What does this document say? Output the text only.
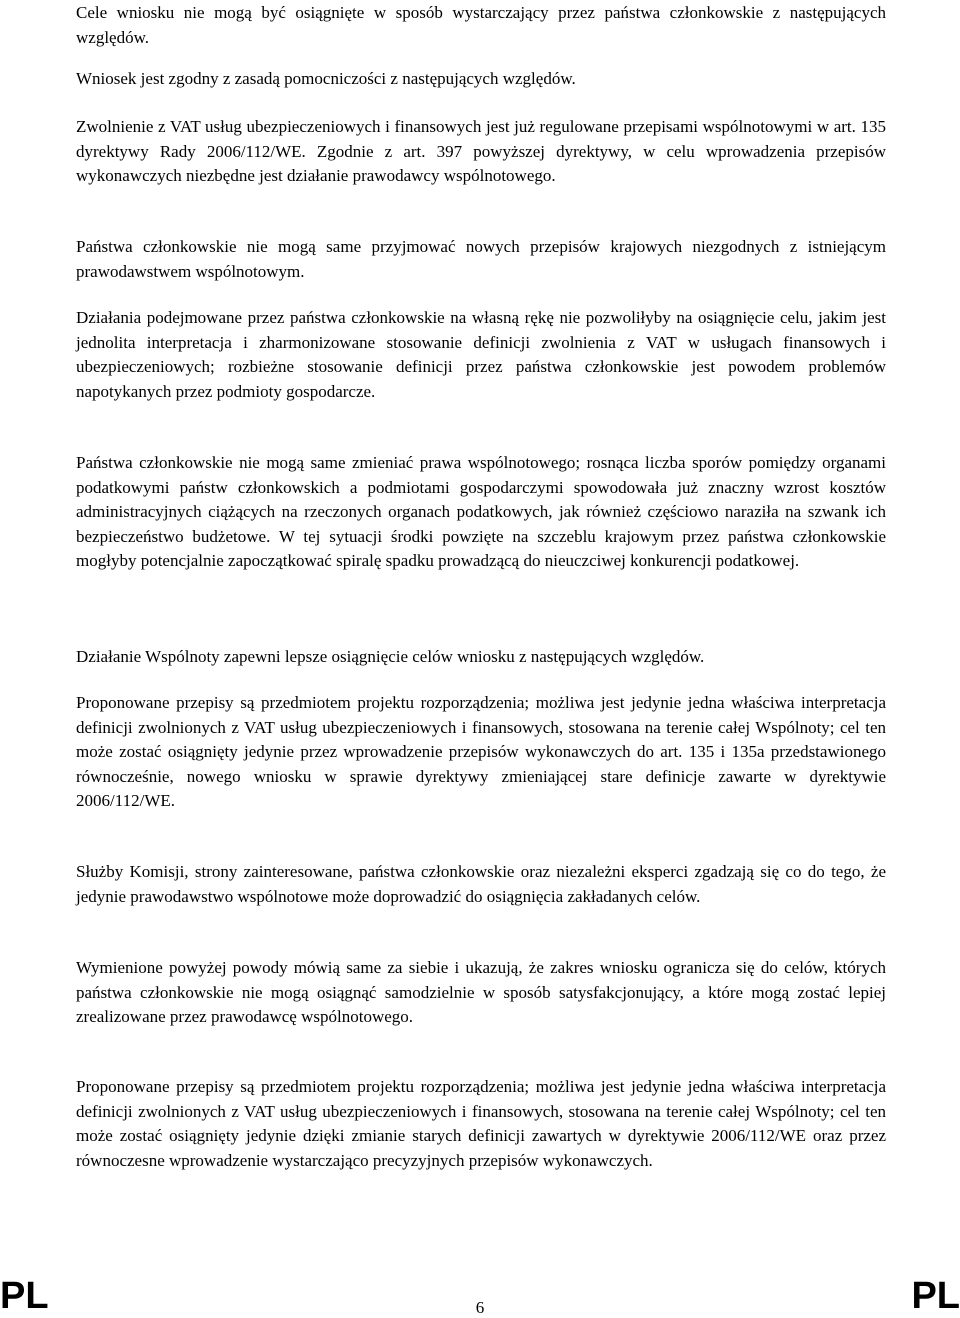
Cele wniosku nie mogą być osiągnięte w sposób wystarczający przez państwa członkowskie z następujących względów.

Wniosek jest zgodny z zasadą pomocniczości z następujących względów.

Zwolnienie z VAT usług ubezpieczeniowych i finansowych jest już regulowane przepisami wspólnotowymi w art. 135 dyrektywy Rady 2006/112/WE. Zgodnie z art. 397 powyższej dyrektywy, w celu wprowadzenia przepisów wykonawczych niezbędne jest działanie prawodawcy wspólnotowego.

Państwa członkowskie nie mogą same przyjmować nowych przepisów krajowych niezgodnych z istniejącym prawodawstwem wspólnotowym.

Działania podejmowane przez państwa członkowskie na własną rękę nie pozwoliłyby na osiągnięcie celu, jakim jest jednolita interpretacja i zharmonizowane stosowanie definicji zwolnienia z VAT w usługach finansowych i ubezpieczeniowych; rozbieżne stosowanie definicji przez państwa członkowskie jest powodem problemów napotykanych przez podmioty gospodarcze.

Państwa członkowskie nie mogą same zmieniać prawa wspólnotowego; rosnąca liczba sporów pomiędzy organami podatkowymi państw członkowskich a podmiotami gospodarczymi spowodowała już znaczny wzrost kosztów administracyjnych ciążących na rzeczonych organach podatkowych, jak również częściowo naraziła na szwank ich bezpieczeństwo budżetowe. W tej sytuacji środki powzięte na szczeblu krajowym przez państwa członkowskie mogłyby potencjalnie zapoczątkować spiralę spadku prowadzącą do nieuczciwej konkurencji podatkowej.

Działanie Wspólnoty zapewni lepsze osiągnięcie celów wniosku z następujących względów.

Proponowane przepisy są przedmiotem projektu rozporządzenia; możliwa jest jedynie jedna właściwa interpretacja definicji zwolnionych z VAT usług ubezpieczeniowych i finansowych, stosowana na terenie całej Wspólnoty; cel ten może zostać osiągnięty jedynie przez wprowadzenie przepisów wykonawczych do art. 135 i 135a przedstawionego równocześnie, nowego wniosku w sprawie dyrektywy zmieniającej stare definicje zawarte w dyrektywie 2006/112/WE.

Służby Komisji, strony zainteresowane, państwa członkowskie oraz niezależni eksperci zgadzają się co do tego, że jedynie prawodawstwo wspólnotowe może doprowadzić do osiągnięcia zakładanych celów.

Wymienione powyżej powody mówią same za siebie i ukazują, że zakres wniosku ogranicza się do celów, których państwa członkowskie nie mogą osiągnąć samodzielnie w sposób satysfakcjonujący, a które mogą zostać lepiej zrealizowane przez prawodawcę wspólnotowego.

Proponowane przepisy są przedmiotem projektu rozporządzenia; możliwa jest jedynie jedna właściwa interpretacja definicji zwolnionych z VAT usług ubezpieczeniowych i finansowych, stosowana na terenie całej Wspólnoty; cel ten może zostać osiągnięty jedynie dzięki zmianie starych definicji zawartych w dyrektywie 2006/112/WE oraz przez równoczesne wprowadzenie wystarczająco precyzyjnych przepisów wykonawczych.

PL	6	PL
